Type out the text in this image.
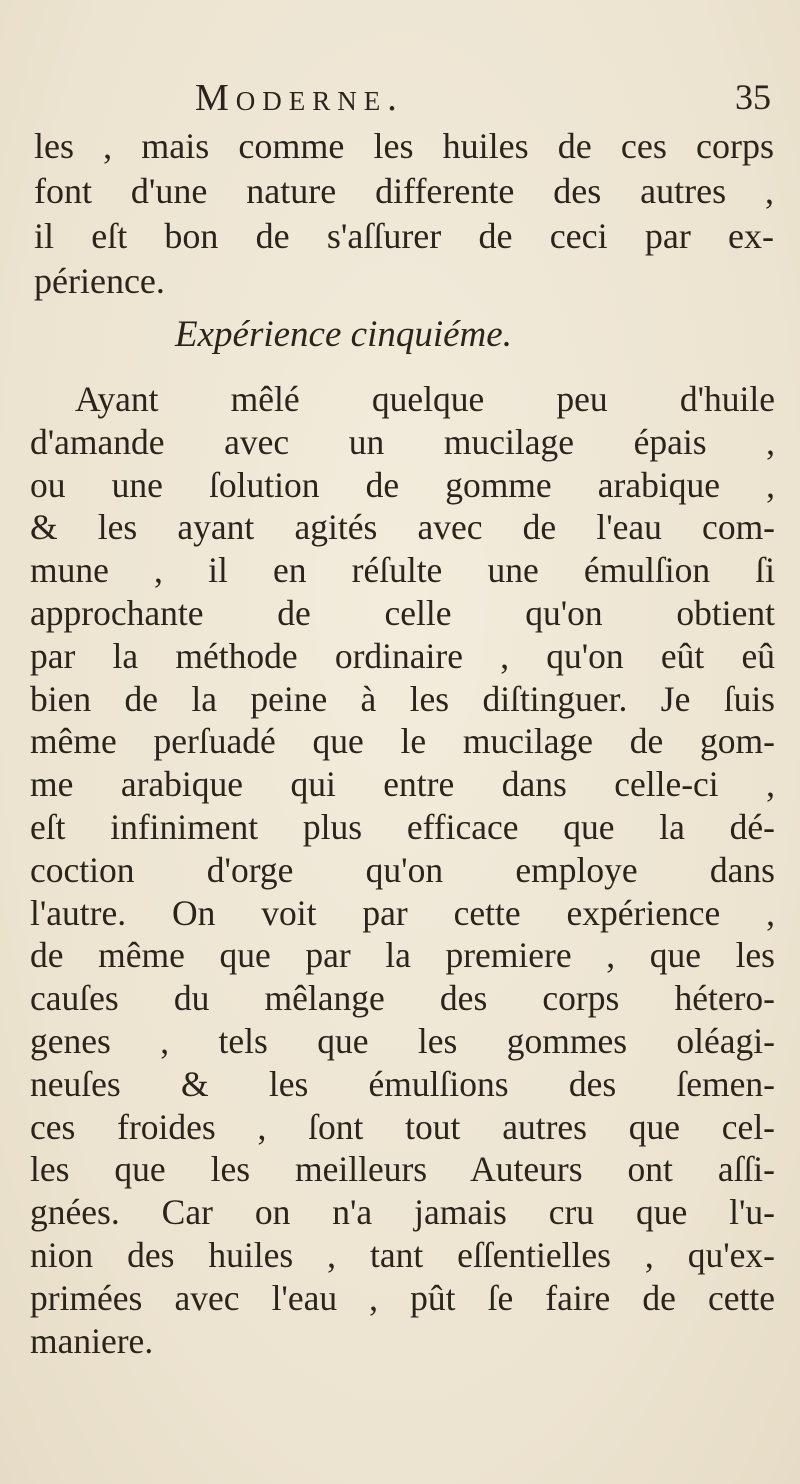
Moderne.	35
les , mais comme les huiles de ces corps
font d'une nature differente des autres ,
il eſt bon de s'aſſurer de ceci par ex-
périence.
Expérience cinquiéme.
Ayant mêlé quelque peu d'huile
d'amande avec un mucilage épais ,
ou une ſolution de gomme arabique ,
& les ayant agités avec de l'eau com-
mune , il en réſulte une émulſion ſi
approchante de celle qu'on obtient
par la méthode ordinaire , qu'on eût eû
bien de la peine à les diſtinguer. Je ſuis
même perſuadé que le mucilage de gom-
me arabique qui entre dans celle-ci ,
eſt infiniment plus efficace que la dé-
coction d'orge qu'on employe dans
l'autre. On voit par cette expérience ,
de même que par la premiere , que les
cauſes du mêlange des corps hétero-
genes , tels que les gommes oléagi-
neuſes & les émulſions des ſemen-
ces froides , ſont tout autres que cel-
les que les meilleurs Auteurs ont aſſi-
gnées. Car on n'a jamais cru que l'u-
nion des huiles , tant eſſentielles , qu'ex-
primées avec l'eau , pût ſe faire de cette
maniere.
